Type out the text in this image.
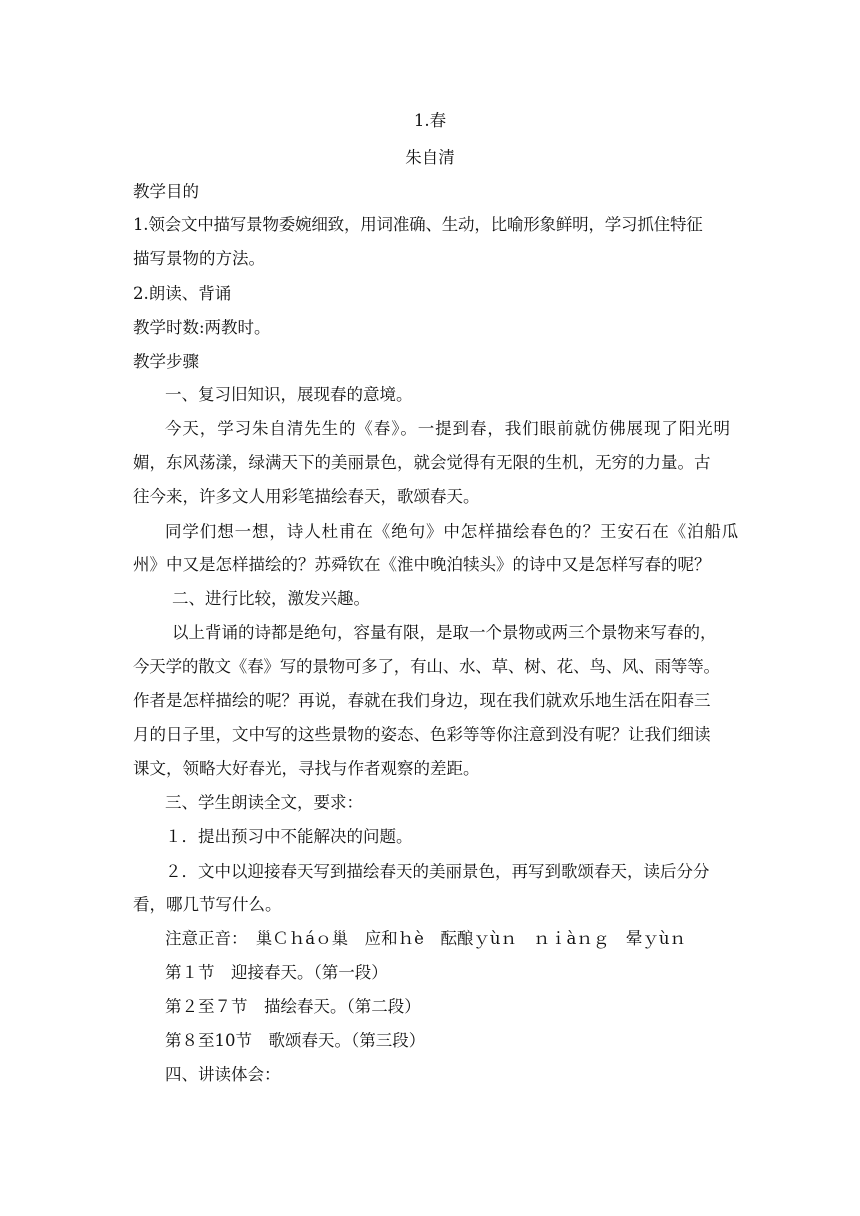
1.春
朱自清
教学目的
1.领会文中描写景物委婉细致，用词准确、生动，比喻形象鲜明，学习抓住特征
描写景物的方法。
2.朗读、背诵
教学时数:两教时。
教学步骤
一、复习旧知识，展现春的意境。
今天，学习朱自清先生的《春》。一提到春，我们眼前就仿佛展现了阳光明
媚，东风荡漾，绿满天下的美丽景色，就会觉得有无限的生机，无穷的力量。古
往今来，许多文人用彩笔描绘春天，歌颂春天。
同学们想一想，诗人杜甫在《绝句》中怎样描绘春色的？王安石在《泊船瓜
州》中又是怎样描绘的？苏舜钦在《淮中晚泊犊头》的诗中又是怎样写春的呢？
二、进行比较，激发兴趣。
以上背诵的诗都是绝句，容量有限，是取一个景物或两三个景物来写春的，
今天学的散文《春》写的景物可多了，有山、水、草、树、花、鸟、风、雨等等。
作者是怎样描绘的呢？再说，春就在我们身边，现在我们就欢乐地生活在阳春三
月的日子里，文中写的这些景物的姿态、色彩等等你注意到没有呢？让我们细读
课文，领略大好春光，寻找与作者观察的差距。
三、学生朗读全文，要求：
１．提出预习中不能解决的问题。
２．文中以迎接春天写到描绘春天的美丽景色，再写到歌颂春天，读后分分
看，哪几节写什么。
注意正音：　巢Ｃｈáｏ巢　应和ｈè　酝酿ｙùｎ　ｎｉàｎｇ　晕ｙùｎ
第１节　迎接春天。（第一段）
第２至７节　描绘春天。（第二段）
第８至10节　歌颂春天。（第三段）
四、讲读体会：
